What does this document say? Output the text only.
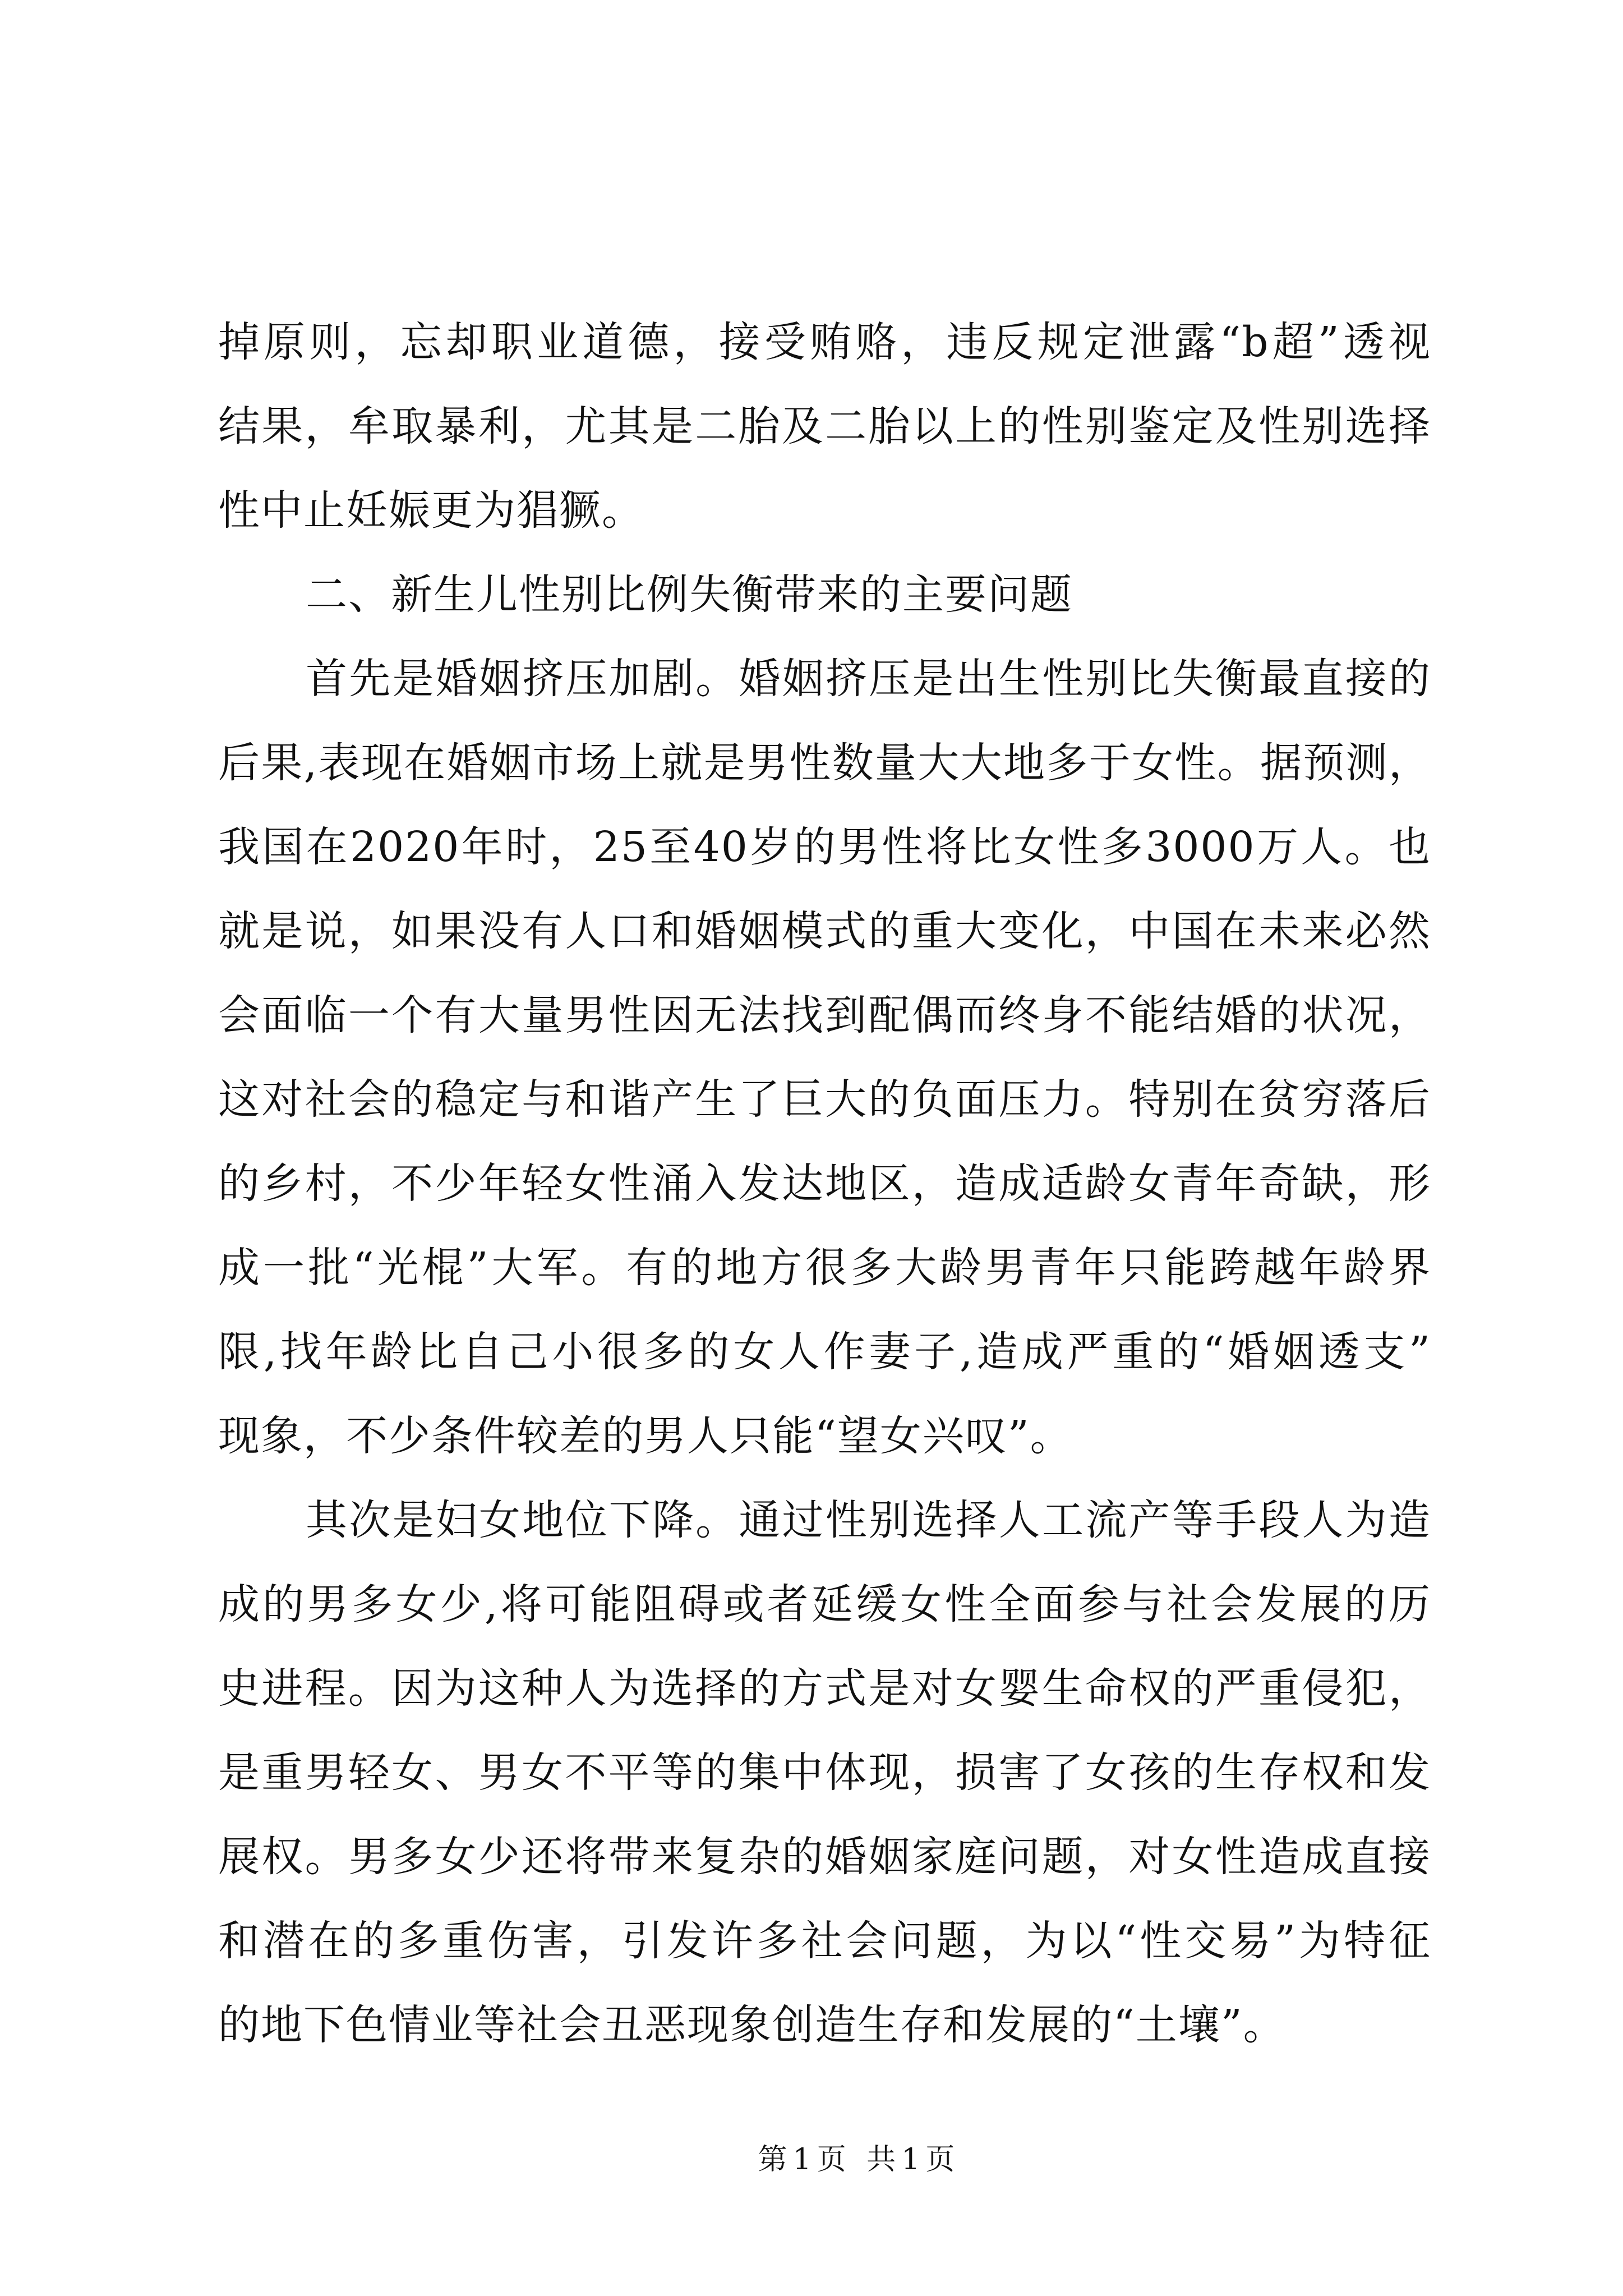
掉原则，忘却职业道德，接受贿赂，违反规定泄露“b超”透视
结果，牟取暴利，尤其是二胎及二胎以上的性别鉴定及性别选择
性中止妊娠更为猖獗。
二、新生儿性别比例失衡带来的主要问题
首先是婚姻挤压加剧。婚姻挤压是出生性别比失衡最直接的
后果,表现在婚姻市场上就是男性数量大大地多于女性。据预测，
我国在2020年时，25至40岁的男性将比女性多3000万人。也
就是说，如果没有人口和婚姻模式的重大变化，中国在未来必然
会面临一个有大量男性因无法找到配偶而终身不能结婚的状况，
这对社会的稳定与和谐产生了巨大的负面压力。特别在贫穷落后
的乡村，不少年轻女性涌入发达地区，造成适龄女青年奇缺，形
成一批“光棍”大军。有的地方很多大龄男青年只能跨越年龄界
限,找年龄比自己小很多的女人作妻子,造成严重的“婚姻透支”
现象，不少条件较差的男人只能“望女兴叹”。
其次是妇女地位下降。通过性别选择人工流产等手段人为造
成的男多女少,将可能阻碍或者延缓女性全面参与社会发展的历
史进程。因为这种人为选择的方式是对女婴生命权的严重侵犯，
是重男轻女、男女不平等的集中体现，损害了女孩的生存权和发
展权。男多女少还将带来复杂的婚姻家庭问题，对女性造成直接
和潜在的多重伤害，引发许多社会问题，为以“性交易”为特征
的地下色情业等社会丑恶现象创造生存和发展的“土壤”。
第1页 共1页
